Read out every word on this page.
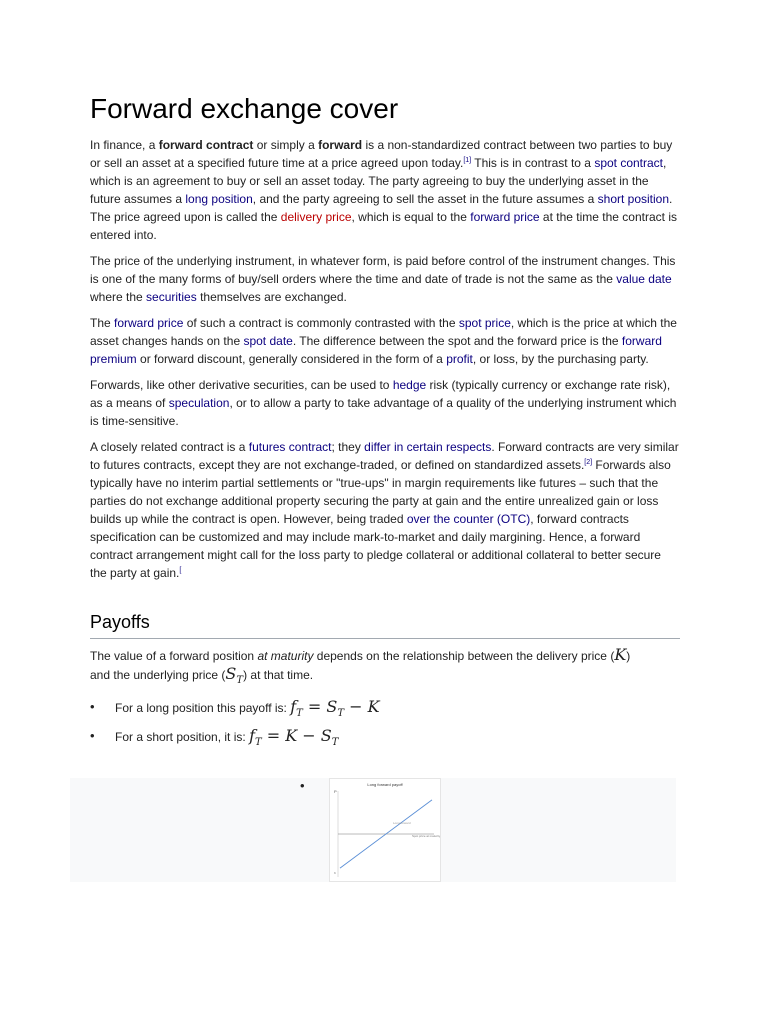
Forward exchange cover

In finance, a forward contract or simply a forward is a non-standardized contract between two parties to buy or sell an asset at a specified future time at a price agreed upon today.[1] This is in contrast to a spot contract, which is an agreement to buy or sell an asset today. The party agreeing to buy the underlying asset in the future assumes a long position, and the party agreeing to sell the asset in the future assumes a short position. The price agreed upon is called the delivery price, which is equal to the forward price at the time the contract is entered into.

The price of the underlying instrument, in whatever form, is paid before control of the instrument changes. This is one of the many forms of buy/sell orders where the time and date of trade is not the same as the value date where the securities themselves are exchanged.

The forward price of such a contract is commonly contrasted with the spot price, which is the price at which the asset changes hands on the spot date. The difference between the spot and the forward price is the forward premium or forward discount, generally considered in the form of a profit, or loss, by the purchasing party.

Forwards, like other derivative securities, can be used to hedge risk (typically currency or exchange rate risk), as a means of speculation, or to allow a party to take advantage of a quality of the underlying instrument which is time-sensitive.

A closely related contract is a futures contract; they differ in certain respects. Forward contracts are very similar to futures contracts, except they are not exchange-traded, or defined on standardized assets.[2] Forwards also typically have no interim partial settlements or "true-ups" in margin requirements like futures – such that the parties do not exchange additional property securing the party at gain and the entire unrealized gain or loss builds up while the contract is open. However, being traded over the counter (OTC), forward contracts specification can be customized and may include mark-to-market and daily margining. Hence, a forward contract arrangement might call for the loss party to pledge collateral or additional collateral to better secure the party at gain.[

Payoffs

The value of a forward position at maturity depends on the relationship between the delivery price (K)
and the underlying price $(S_T)$ at that time.

• For a long position this payoff is: $f_T = S_T - K$
• For a short position, it is: $f_T = K - S_T$
•	Long forward payoff
P
Long forward
Spot price at maturity
K
